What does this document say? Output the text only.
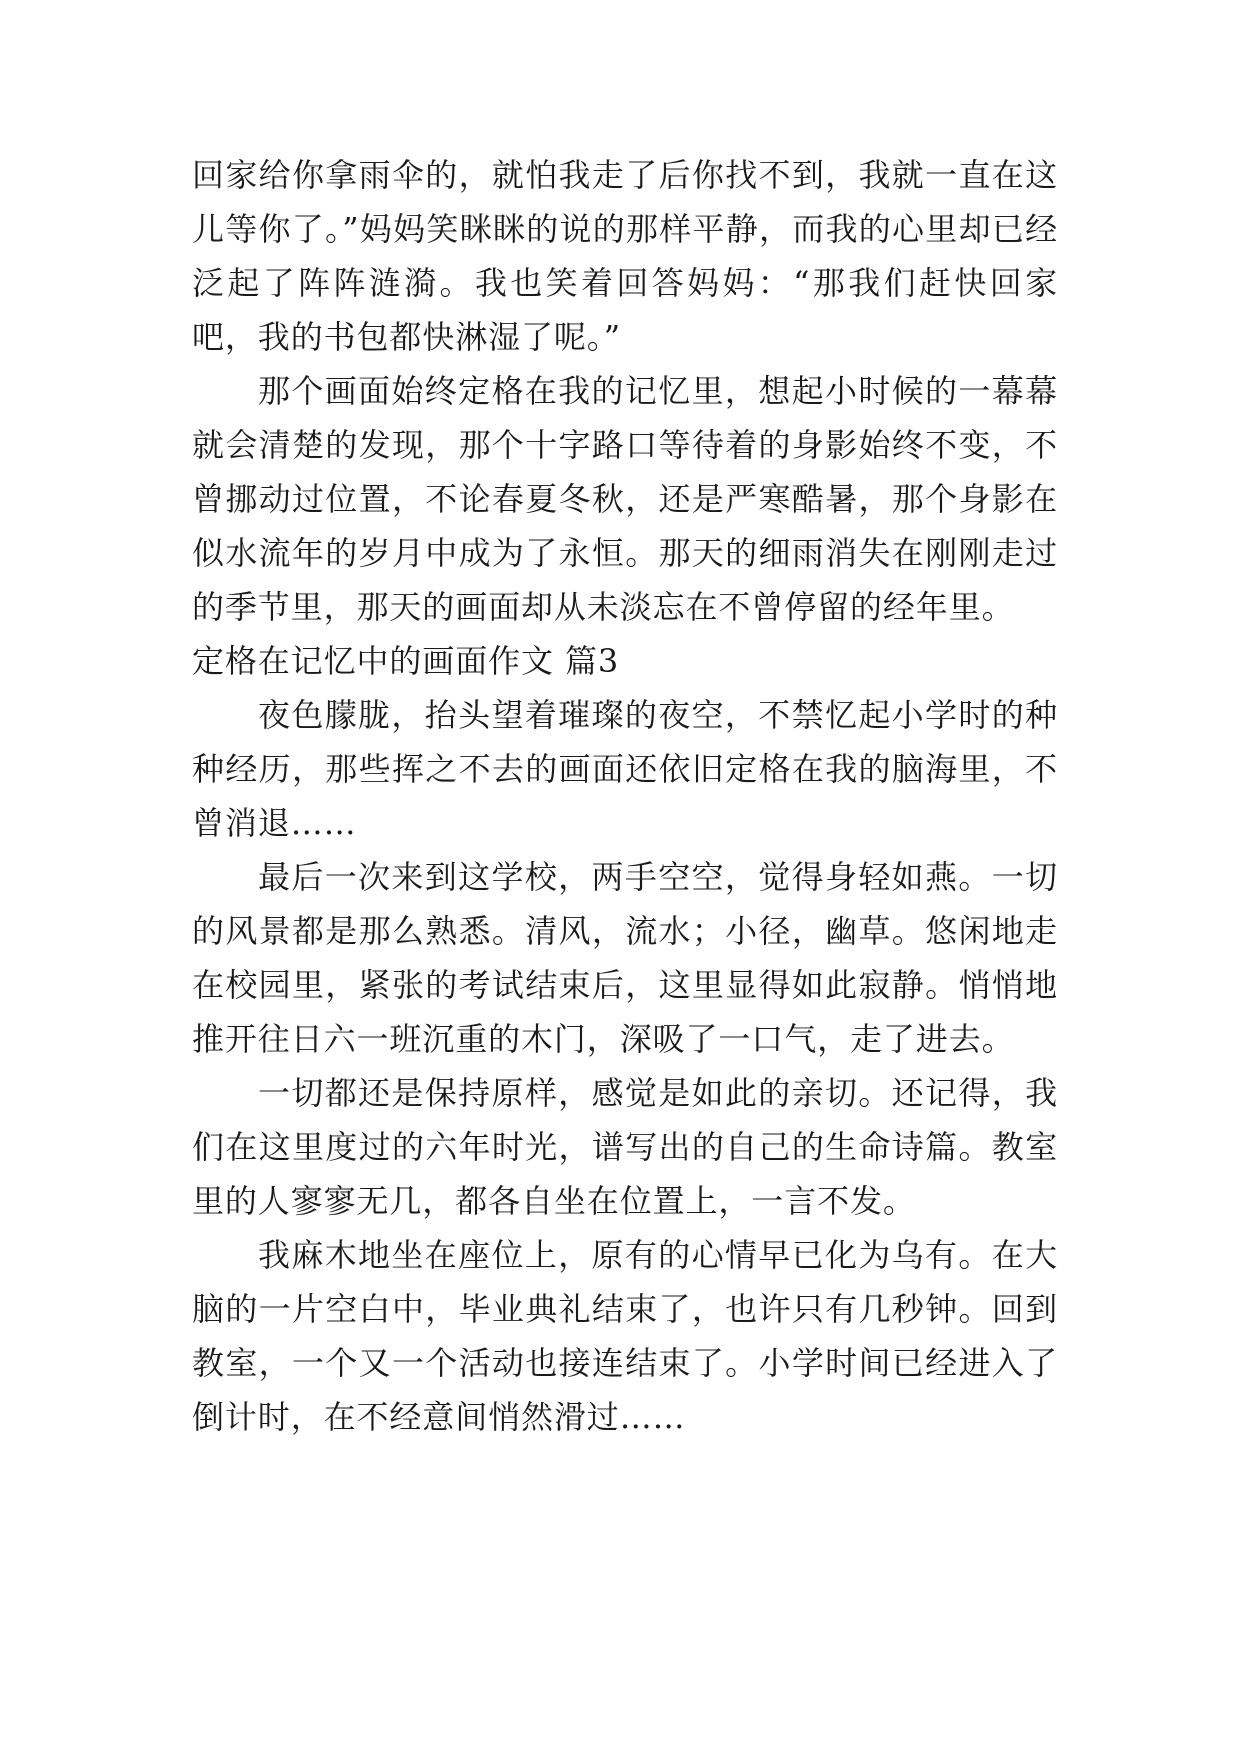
回家给你拿雨伞的，就怕我走了后你找不到，我就一直在这儿等你了。”妈妈笑眯眯的说的那样平静，而我的心里却已经泛起了阵阵涟漪。我也笑着回答妈妈：“那我们赶快回家吧，我的书包都快淋湿了呢。”

那个画面始终定格在我的记忆里，想起小时候的一幕幕就会清楚的发现，那个十字路口等待着的身影始终不变，不曾挪动过位置，不论春夏冬秋，还是严寒酷暑，那个身影在似水流年的岁月中成为了永恒。那天的细雨消失在刚刚走过的季节里，那天的画面却从未淡忘在不曾停留的经年里。

定格在记忆中的画面作文 篇3

夜色朦胧，抬头望着璀璨的夜空，不禁忆起小学时的种种经历，那些挥之不去的画面还依旧定格在我的脑海里，不曾消退……

最后一次来到这学校，两手空空，觉得身轻如燕。一切的风景都是那么熟悉。清风，流水；小径，幽草。悠闲地走在校园里，紧张的考试结束后，这里显得如此寂静。悄悄地推开往日六一班沉重的木门，深吸了一口气，走了进去。

一切都还是保持原样，感觉是如此的亲切。还记得，我们在这里度过的六年时光，谱写出的自己的生命诗篇。教室里的人寥寥无几，都各自坐在位置上，一言不发。

我麻木地坐在座位上，原有的心情早已化为乌有。在大脑的一片空白中，毕业典礼结束了，也许只有几秒钟。回到教室，一个又一个活动也接连结束了。小学时间已经进入了倒计时，在不经意间悄然滑过……
